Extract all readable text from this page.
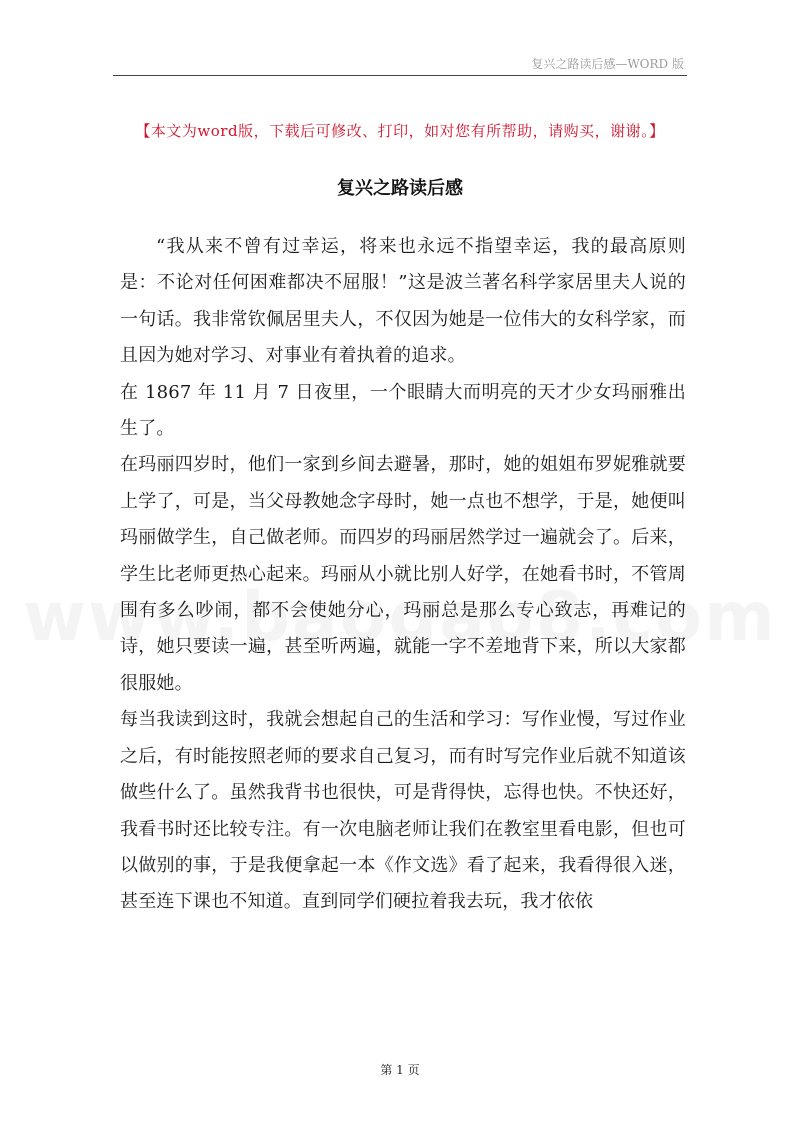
复兴之路读后感—WORD 版
【本文为word版，下载后可修改、打印，如对您有所帮助，请购买，谢谢。】
复兴之路读后感

“我从来不曾有过幸运，将来也永远不指望幸运，我的最高原则是：不论对任何困难都决不屈服！”这是波兰著名科学家居里夫人说的一句话。我非常钦佩居里夫人，不仅因为她是一位伟大的女科学家，而且因为她对学习、对事业有着执着的追求。

在 1867 年 11 月 7 日夜里，一个眼睛大而明亮的天才少女玛丽雅出生了。

在玛丽四岁时，他们一家到乡间去避暑，那时，她的姐姐布罗妮雅就要上学了，可是，当父母教她念字母时，她一点也不想学，于是，她便叫玛丽做学生，自己做老师。而四岁的玛丽居然学过一遍就会了。后来，学生比老师更热心起来。玛丽从小就比别人好学，在她看书时，不管周围有多么吵闹，都不会使她分心，玛丽总是那么专心致志，再难记的诗，她只要读一遍，甚至听两遍，就能一字不差地背下来，所以大家都很服她。

每当我读到这时，我就会想起自己的生活和学习：写作业慢，写过作业之后，有时能按照老师的要求自己复习，而有时写完作业后就不知道该做些什么了。虽然我背书也很快，可是背得快，忘得也快。不快还好，我看书时还比较专注。有一次电脑老师让我们在教室里看电影，但也可以做别的事，于是我便拿起一本《作文选》看了起来，我看得很入迷，甚至连下课也不知道。直到同学们硬拉着我去玩，我才依依

第 1 页
